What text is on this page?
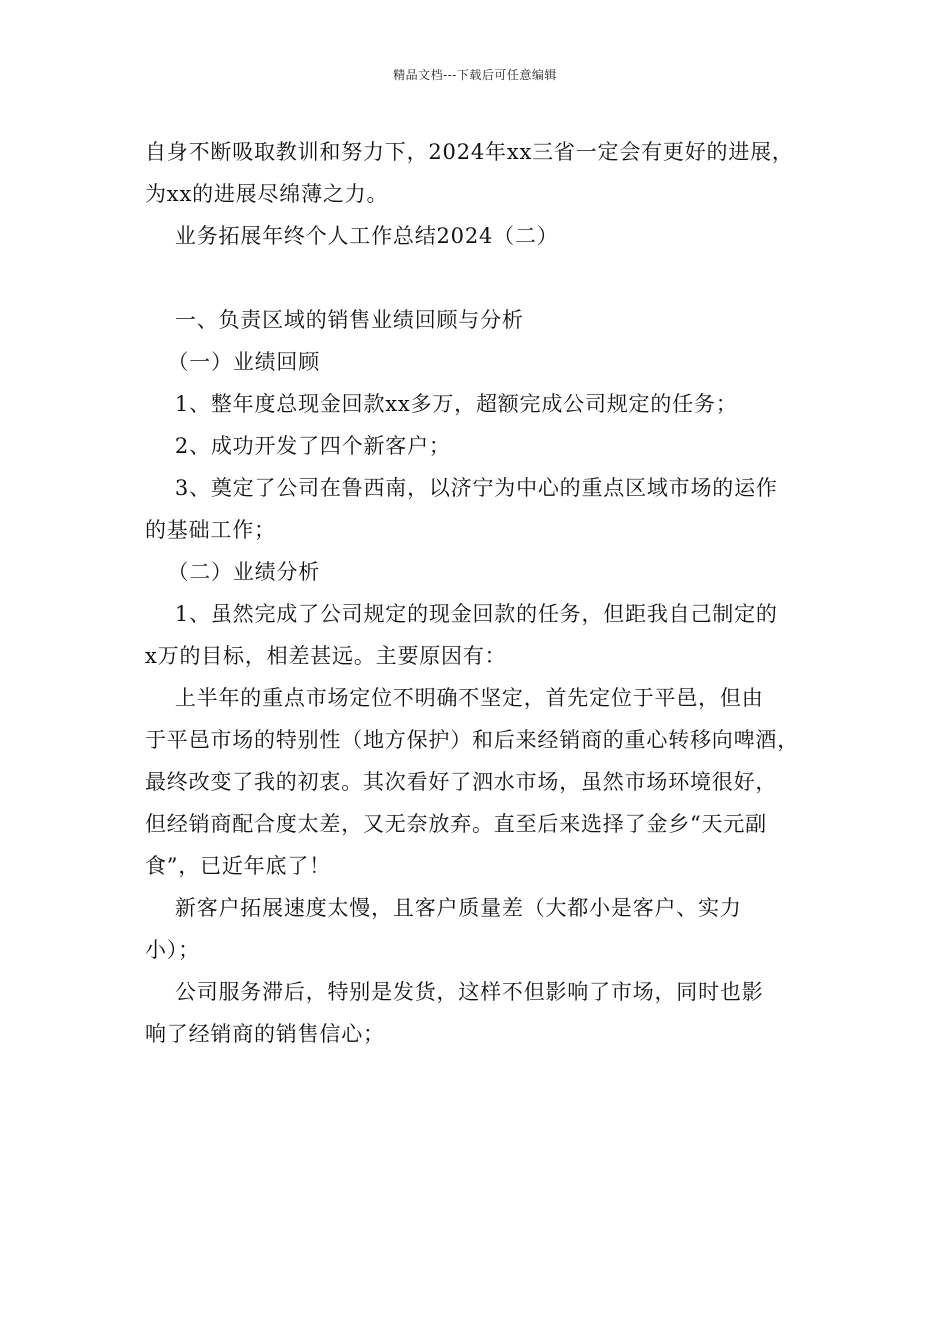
精品文档---下载后可任意编辑
自身不断吸取教训和努力下，2024年xx三省一定会有更好的进展，
为xx的进展尽绵薄之力。
业务拓展年终个人工作总结2024（二）
一、负责区域的销售业绩回顾与分析
（一）业绩回顾
1、整年度总现金回款xx多万，超额完成公司规定的任务；
2、成功开发了四个新客户；
3、奠定了公司在鲁西南，以济宁为中心的重点区域市场的运作
的基础工作；
（二）业绩分析
1、虽然完成了公司规定的现金回款的任务，但距我自己制定的
x万的目标，相差甚远。主要原因有：
上半年的重点市场定位不明确不坚定，首先定位于平邑，但由
于平邑市场的特别性（地方保护）和后来经销商的重心转移向啤酒，
最终改变了我的初衷。其次看好了泗水市场，虽然市场环境很好，
但经销商配合度太差，又无奈放弃。直至后来选择了金乡“天元副
食”，已近年底了！
新客户拓展速度太慢，且客户质量差（大都小是客户、实力
小）；
公司服务滞后，特别是发货，这样不但影响了市场，同时也影
响了经销商的销售信心；
